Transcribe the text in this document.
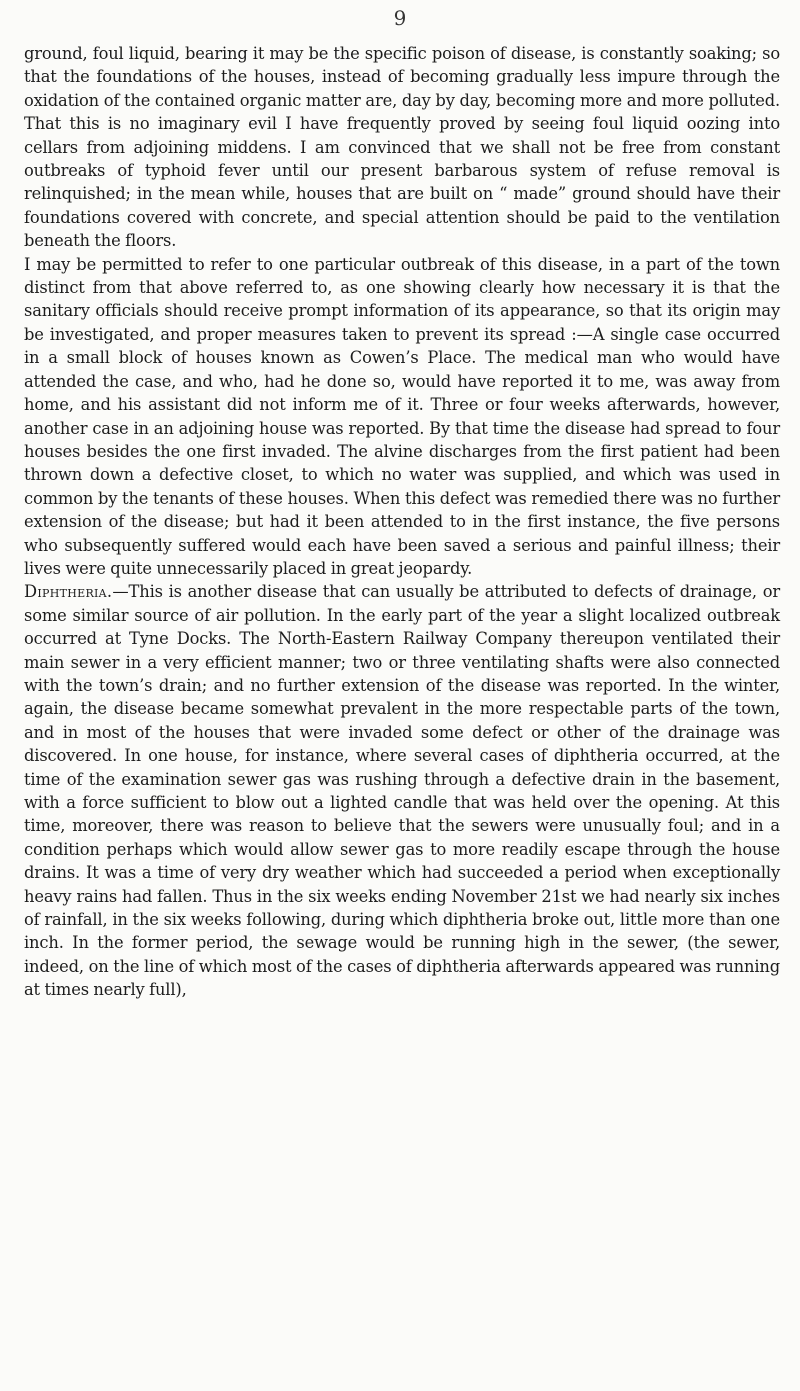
9

ground, foul liquid, bearing it may be the specific poison of disease, is constantly soaking; so that the foundations of the houses, instead of becoming gradually less impure through the oxidation of the contained organic matter are, day by day, becoming more and more polluted. That this is no imaginary evil I have frequently proved by seeing foul liquid oozing into cellars from adjoining middens. I am convinced that we shall not be free from constant outbreaks of typhoid fever until our present barbarous system of refuse removal is relinquished; in the mean while, houses that are built on “ made” ground should have their foundations covered with concrete, and special attention should be paid to the ventilation beneath the floors.

I may be permitted to refer to one particular outbreak of this disease, in a part of the town distinct from that above referred to, as one showing clearly how necessary it is that the sanitary officials should receive prompt information of its appearance, so that its origin may be investigated, and proper measures taken to prevent its spread :—A single case occurred in a small block of houses known as Cowen’s Place. The medical man who would have attended the case, and who, had he done so, would have reported it to me, was away from home, and his assistant did not inform me of it. Three or four weeks afterwards, however, another case in an adjoining house was reported. By that time the disease had spread to four houses besides the one first invaded. The alvine discharges from the first patient had been thrown down a defective closet, to which no water was supplied, and which was used in common by the tenants of these houses. When this defect was remedied there was no further extension of the disease; but had it been attended to in the first instance, the five persons who subsequently suffered would each have been saved a serious and painful illness; their lives were quite unnecessarily placed in great jeopardy.

Diphtheria.—This is another disease that can usually be attributed to defects of drainage, or some similar source of air pollution. In the early part of the year a slight localized outbreak occurred at Tyne Docks. The North-Eastern Railway Company thereupon ventilated their main sewer in a very efficient manner; two or three ventilating shafts were also connected with the town’s drain; and no further extension of the disease was reported. In the winter, again, the disease became somewhat prevalent in the more respectable parts of the town, and in most of the houses that were invaded some defect or other of the drainage was discovered. In one house, for instance, where several cases of diphtheria occurred, at the time of the examination sewer gas was rushing through a defective drain in the basement, with a force sufficient to blow out a lighted candle that was held over the opening. At this time, moreover, there was reason to believe that the sewers were unusually foul; and in a condition perhaps which would allow sewer gas to more readily escape through the house drains. It was a time of very dry weather which had succeeded a period when exceptionally heavy rains had fallen. Thus in the six weeks ending November 21st we had nearly six inches of rainfall, in the six weeks following, during which diphtheria broke out, little more than one inch. In the former period, the sewage would be running high in the sewer, (the sewer, indeed, on the line of which most of the cases of diphtheria afterwards appeared was running at times nearly full),
